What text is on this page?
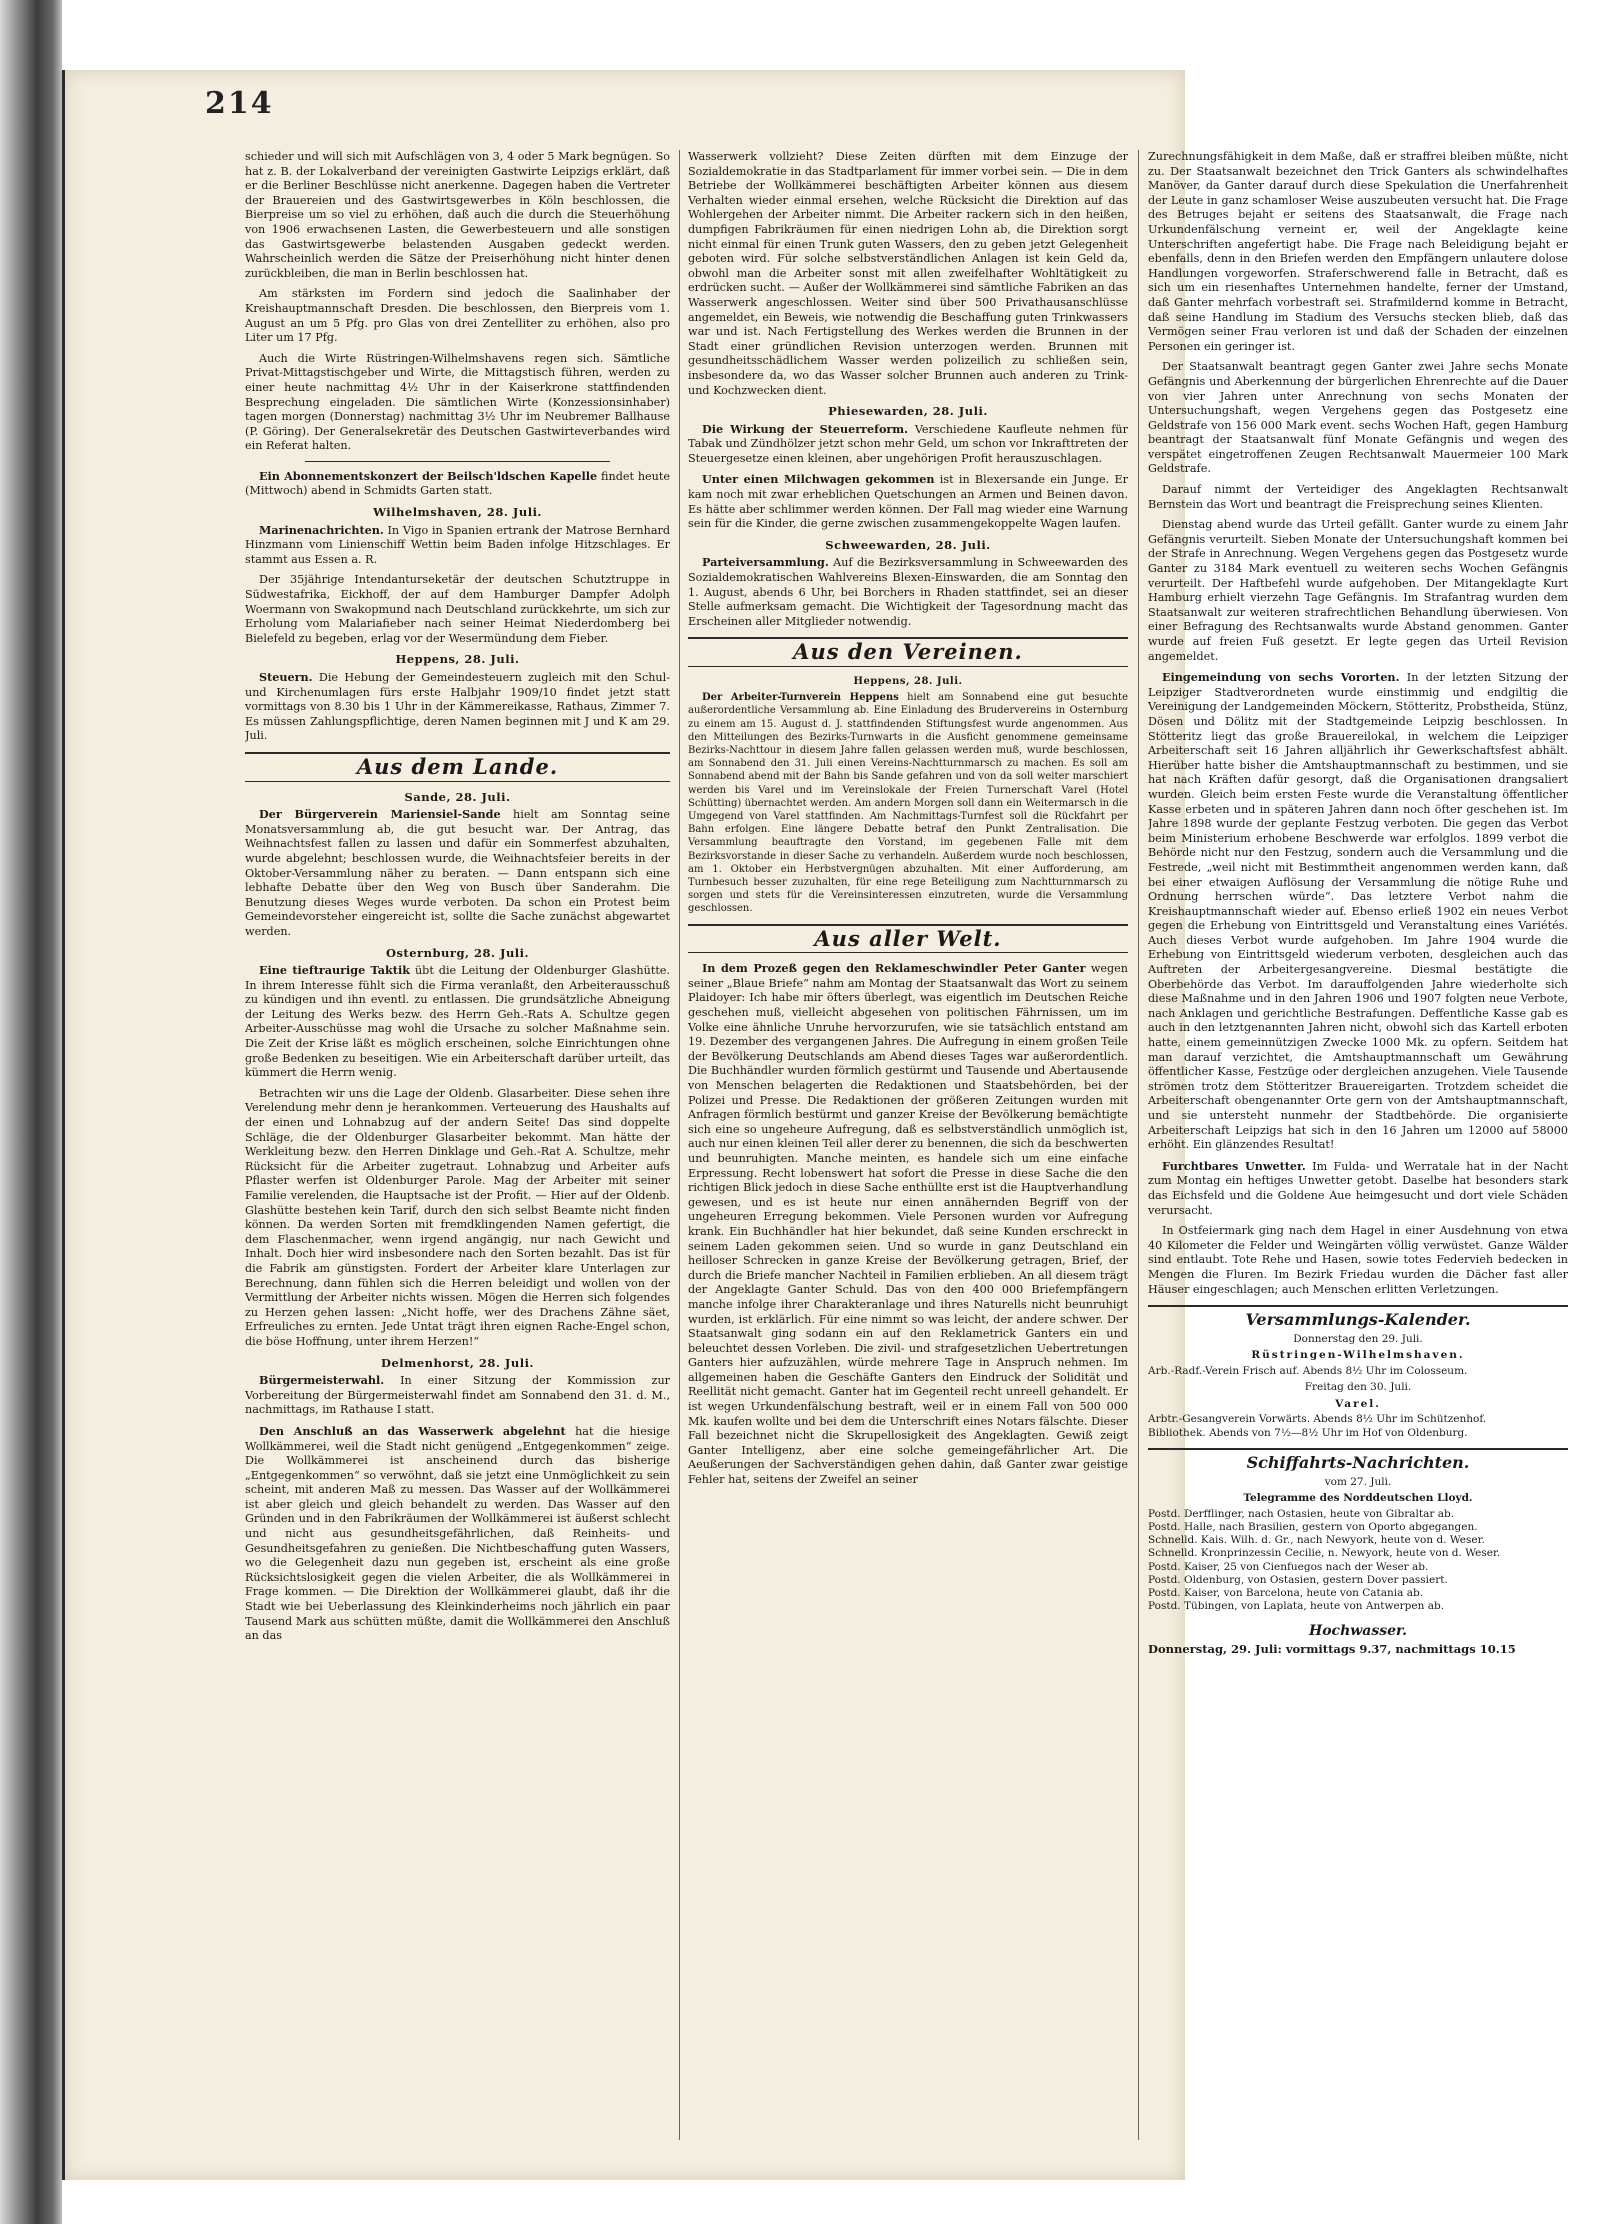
214

schieder und will sich mit Aufschlägen von 3, 4 oder 5 Mark begnügen. So hat z. B. der Lokalverband der vereinigten Gastwirte Leipzigs erklärt, daß er die Berliner Beschlüsse nicht anerkenne. Dagegen haben die Vertreter der Brauereien und des Gastwirtsgewerbes in Köln beschlossen, die Bierpreise um so viel zu erhöhen, daß auch die durch die Steuerhöhung von 1906 erwachsenen Lasten, die Gewerbesteuern und alle sonstigen das Gastwirtsgewerbe belastenden Ausgaben gedeckt werden. Wahrscheinlich werden die Sätze der Preiserhöhung nicht hinter denen zurückbleiben, die man in Berlin beschlossen hat.

Am stärksten im Fordern sind jedoch die Saalinhaber der Kreishauptmannschaft Dresden. Die beschlossen, den Bierpreis vom 1. August an um 5 Pfg. pro Glas von drei Zentelliter zu erhöhen, also pro Liter um 17 Pfg.

Auch die Wirte Rüstringen-Wilhelmshavens regen sich. Sämtliche Privat-Mittagstischgeber und Wirte, die Mittagstisch führen, werden zu einer heute nachmittag 4½ Uhr in der Kaiserkrone stattfindenden Besprechung eingeladen. Die sämtlichen Wirte (Konzessionsinhaber) tagen morgen (Donnerstag) nachmittag 3½ Uhr im Neubremer Ballhause (P. Göring). Der Generalsekretär des Deutschen Gastwirteverbandes wird ein Referat halten.

Ein Abonnementskonzert der Beilsch'ldschen Kapelle findet heute (Mittwoch) abend in Schmidts Garten statt.

Wilhelmshaven, 28. Juli.

Marinenachrichten. In Vigo in Spanien ertrank der Matrose Bernhard Hinzmann vom Linienschiff Wettin beim Baden infolge Hitzschlages. Er stammt aus Essen a. R.

Der 35jährige Intendanturseketär der deutschen Schutztruppe in Südwestafrika, Eickhoff, der auf dem Hamburger Dampfer Adolph Woermann von Swakopmund nach Deutschland zurückkehrte, um sich zur Erholung vom Malariafieber nach seiner Heimat Niederdomberg bei Bielefeld zu begeben, erlag vor der Wesermündung dem Fieber.

Heppens, 28. Juli.

Steuern. Die Hebung der Gemeindesteuern zugleich mit den Schul- und Kirchenumlagen fürs erste Halbjahr 1909/10 findet jetzt statt vormittags von 8.30 bis 1 Uhr in der Kämmereikasse, Rathaus, Zimmer 7. Es müssen Zahlungspflichtige, deren Namen beginnen mit J und K am 29. Juli.

Aus dem Lande.
Sande, 28. Juli.

Der Bürgerverein Mariensiel-Sande hielt am Sonntag seine Monatsversammlung ab, die gut besucht war. Der Antrag, das Weihnachtsfest fallen zu lassen und dafür ein Sommerfest abzuhalten, wurde abgelehnt; beschlossen wurde, die Weihnachtsfeier bereits in der Oktober-Versammlung näher zu beraten. — Dann entspann sich eine lebhafte Debatte über den Weg von Busch über Sanderahm. Die Benutzung dieses Weges wurde verboten. Da schon ein Protest beim Gemeindevorsteher eingereicht ist, sollte die Sache zunächst abgewartet werden.

Osternburg, 28. Juli.

Eine tieftraurige Taktik übt die Leitung der Oldenburger Glashütte. In ihrem Interesse fühlt sich die Firma veranlaßt, den Arbeiterausschuß zu kündigen und ihn eventl. zu entlassen. Die grundsätzliche Abneigung der Leitung des Werks bezw. des Herrn Geh.-Rats A. Schultze gegen Arbeiter-Ausschüsse mag wohl die Ursache zu solcher Maßnahme sein. Die Zeit der Krise läßt es möglich erscheinen, solche Einrichtungen ohne große Bedenken zu beseitigen. Wie ein Arbeiterschaft darüber urteilt, das kümmert die Herrn wenig.

Betrachten wir uns die Lage der Oldenb. Glasarbeiter. Diese sehen ihre Verelendung mehr denn je herankommen. Verteuerung des Haushalts auf der einen und Lohnabzug auf der andern Seite! Das sind doppelte Schläge, die der Oldenburger Glasarbeiter bekommt. Man hätte der Werkleitung bezw. den Herren Dinklage und Geh.-Rat A. Schultze, mehr Rücksicht für die Arbeiter zugetraut. Lohnabzug und Arbeiter aufs Pflaster werfen ist Oldenburger Parole. Mag der Arbeiter mit seiner Familie verelenden, die Hauptsache ist der Profit. — Hier auf der Oldenb. Glashütte bestehen kein Tarif, durch den sich selbst Beamte nicht finden können. Da werden Sorten mit fremdklingenden Namen gefertigt, die dem Flaschenmacher, wenn irgend angängig, nur nach Gewicht und Inhalt. Doch hier wird insbesondere nach den Sorten bezahlt. Das ist für die Fabrik am günstigsten. Fordert der Arbeiter klare Unterlagen zur Berechnung, dann fühlen sich die Herren beleidigt und wollen von der Vermittlung der Arbeiter nichts wissen. Mögen die Herren sich folgendes zu Herzen gehen lassen: „Nicht hoffe, wer des Drachens Zähne säet, Erfreuliches zu ernten. Jede Untat trägt ihren eignen Rache-Engel schon, die böse Hoffnung, unter ihrem Herzen!“

Delmenhorst, 28. Juli.

Bürgermeisterwahl. In einer Sitzung der Kommission zur Vorbereitung der Bürgermeisterwahl findet am Sonnabend den 31. d. M., nachmittags, im Rathause I statt.

Den Anschluß an das Wasserwerk abgelehnt hat die hiesige Wollkämmerei, weil die Stadt nicht genügend „Entgegenkommen“ zeige. Die Wollkämmerei ist anscheinend durch das bisherige „Entgegenkommen“ so verwöhnt, daß sie jetzt eine Unmöglichkeit zu sein scheint, mit anderen Maß zu messen. Das Wasser auf der Wollkämmerei ist aber gleich und gleich behandelt zu werden. Das Wasser auf den Gründen und in den Fabrikräumen der Wollkämmerei ist äußerst schlecht und nicht aus gesundheitsgefährlichen, daß Reinheits- und Gesundheitsgefahren zu genießen. Die Nichtbeschaffung guten Wassers, wo die Gelegenheit dazu nun gegeben ist, erscheint als eine große Rücksichtslosigkeit gegen die vielen Arbeiter, die als Wollkämmerei in Frage kommen. — Die Direktion der Wollkämmerei glaubt, daß ihr die Stadt wie bei Ueberlassung des Kleinkinderheims noch jährlich ein paar Tausend Mark aus schütten müßte, damit die Wollkämmerei den Anschluß an das

Wasserwerk vollzieht? Diese Zeiten dürften mit dem Einzuge der Sozialdemokratie in das Stadtparlament für immer vorbei sein. — Die in dem Betriebe der Wollkämmerei beschäftigten Arbeiter können aus diesem Verhalten wieder einmal ersehen, welche Rücksicht die Direktion auf das Wohlergehen der Arbeiter nimmt. Die Arbeiter rackern sich in den heißen, dumpfigen Fabrikräumen für einen niedrigen Lohn ab, die Direktion sorgt nicht einmal für einen Trunk guten Wassers, den zu geben jetzt Gelegenheit geboten wird. Für solche selbstverständlichen Anlagen ist kein Geld da, obwohl man die Arbeiter sonst mit allen zweifelhafter Wohltätigkeit zu erdrücken sucht. — Außer der Wollkämmerei sind sämtliche Fabriken an das Wasserwerk angeschlossen. Weiter sind über 500 Privathausanschlüsse angemeldet, ein Beweis, wie notwendig die Beschaffung guten Trinkwassers war und ist. Nach Fertigstellung des Werkes werden die Brunnen in der Stadt einer gründlichen Revision unterzogen werden. Brunnen mit gesundheitsschädlichem Wasser werden polizeilich zu schließen sein, insbesondere da, wo das Wasser solcher Brunnen auch anderen zu Trink- und Kochzwecken dient.

Phiesewarden, 28. Juli.

Die Wirkung der Steuerreform. Verschiedene Kaufleute nehmen für Tabak und Zündhölzer jetzt schon mehr Geld, um schon vor Inkrafttreten der Steuergesetze einen kleinen, aber ungehörigen Profit herauszuschlagen.

Unter einen Milchwagen gekommen ist in Blexersande ein Junge. Er kam noch mit zwar erheblichen Quetschungen an Armen und Beinen davon. Es hätte aber schlimmer werden können. Der Fall mag wieder eine Warnung sein für die Kinder, die gerne zwischen zusammengekoppelte Wagen laufen.

Schweewarden, 28. Juli.

Parteiversammlung. Auf die Bezirksversammlung in Schweewarden des Sozialdemokratischen Wahlvereins Blexen-Einswarden, die am Sonntag den 1. August, abends 6 Uhr, bei Borchers in Rhaden stattfindet, sei an dieser Stelle aufmerksam gemacht. Die Wichtigkeit der Tagesordnung macht das Erscheinen aller Mitglieder notwendig.

Aus den Vereinen.
Heppens, 28. Juli.

Der Arbeiter-Turnverein Heppens hielt am Sonnabend eine gut besuchte außerordentliche Versammlung ab. Eine Einladung des Brudervereins in Osternburg zu einem am 15. August d. J. stattfindenden Stiftungsfest wurde angenommen. Aus den Mitteilungen des Bezirks-Turnwarts in die Ausficht genommene gemeinsame Bezirks-Nachttour in diesem Jahre fallen gelassen werden muß, wurde beschlossen, am Sonnabend den 31. Juli einen Vereins-Nachtturnmarsch zu machen. Es soll am Sonnabend abend mit der Bahn bis Sande gefahren und von da soll weiter marschiert werden bis Varel und im Vereinslokale der Freien Turnerschaft Varel (Hotel Schütting) übernachtet werden. Am andern Morgen soll dann ein Weitermarsch in die Umgegend von Varel stattfinden. Am Nachmittags-Turnfest soll die Rückfahrt per Bahn erfolgen. Eine längere Debatte betraf den Punkt Zentralisation. Die Versammlung beauftragte den Vorstand, im gegebenen Falle mit dem Bezirksvorstande in dieser Sache zu verhandeln. Außerdem wurde noch beschlossen, am 1. Oktober ein Herbstvergnügen abzuhalten. Mit einer Aufforderung, am Turnbesuch besser zuzuhalten, für eine rege Beteiligung zum Nachtturnmarsch zu sorgen und stets für die Vereinsinteressen einzutreten, wurde die Versammlung geschlossen.

Aus aller Welt.

In dem Prozeß gegen den Reklameschwindler Peter Ganter wegen seiner „Blaue Briefe“ nahm am Montag der Staatsanwalt das Wort zu seinem Plaidoyer: Ich habe mir öfters überlegt, was eigentlich im Deutschen Reiche geschehen muß, vielleicht abgesehen von politischen Fährnissen, um im Volke eine ähnliche Unruhe hervorzurufen, wie sie tatsächlich entstand am 19. Dezember des vergangenen Jahres. Die Aufregung in einem großen Teile der Bevölkerung Deutschlands am Abend dieses Tages war außerordentlich. Die Buchhändler wurden förmlich gestürmt und Tausende und Abertausende von Menschen belagerten die Redaktionen und Staatsbehörden, bei der Polizei und Presse. Die Redaktionen der größeren Zeitungen wurden mit Anfragen förmlich bestürmt und ganzer Kreise der Bevölkerung bemächtigte sich eine so ungeheure Aufregung, daß es selbstverständlich unmöglich ist, auch nur einen kleinen Teil aller derer zu benennen, die sich da beschwerten und beunruhigten. Manche meinten, es handele sich um eine einfache Erpressung. Recht lobenswert hat sofort die Presse in diese Sache die den richtigen Blick jedoch in diese Sache enthüllte erst ist die Hauptverhandlung gewesen, und es ist heute nur einen annähernden Begriff von der ungeheuren Erregung bekommen. Viele Personen wurden vor Aufregung krank. Ein Buchhändler hat hier bekundet, daß seine Kunden erschreckt in seinem Laden gekommen seien. Und so wurde in ganz Deutschland ein heilloser Schrecken in ganze Kreise der Bevölkerung getragen, Brief, der durch die Briefe mancher Nachteil in Familien erblieben. An all diesem trägt der Angeklagte Ganter Schuld. Das von den 400 000 Briefempfängern manche infolge ihrer Charakteranlage und ihres Naturells nicht beunruhigt wurden, ist erklärlich. Für eine nimmt so was leicht, der andere schwer. Der Staatsanwalt ging sodann ein auf den Reklametrick Ganters ein und beleuchtet dessen Vorleben. Die zivil- und strafgesetzlichen Uebertretungen Ganters hier aufzuzählen, würde mehrere Tage in Anspruch nehmen. Im allgemeinen haben die Geschäfte Ganters den Eindruck der Solidität und Reellität nicht gemacht. Ganter hat im Gegenteil recht unreell gehandelt. Er ist wegen Urkundenfälschung bestraft, weil er in einem Fall von 500 000 Mk. kaufen wollte und bei dem die Unterschrift eines Notars fälschte. Dieser Fall bezeichnet nicht die Skrupellosigkeit des Angeklagten. Gewiß zeigt Ganter Intelligenz, aber eine solche gemeingefährlicher Art. Die Aeußerungen der Sachverständigen gehen dahin, daß Ganter zwar geistige Fehler hat, seitens der Zweifel an seiner

Zurechnungsfähigkeit in dem Maße, daß er straffrei bleiben müßte, nicht zu. Der Staatsanwalt bezeichnet den Trick Ganters als schwindelhaftes Manöver, da Ganter darauf durch diese Spekulation die Unerfahrenheit der Leute in ganz schamloser Weise auszubeuten versucht hat. Die Frage des Betruges bejaht er seitens des Staatsanwalt, die Frage nach Urkundenfälschung verneint er, weil der Angeklagte keine Unterschriften angefertigt habe. Die Frage nach Beleidigung bejaht er ebenfalls, denn in den Briefen werden den Empfängern unlautere dolose Handlungen vorgeworfen. Straferschwerend falle in Betracht, daß es sich um ein riesenhaftes Unternehmen handelte, ferner der Umstand, daß Ganter mehrfach vorbestraft sei. Strafmildernd komme in Betracht, daß seine Handlung im Stadium des Versuchs stecken blieb, daß das Vermögen seiner Frau verloren ist und daß der Schaden der einzelnen Personen ein geringer ist.

Der Staatsanwalt beantragt gegen Ganter zwei Jahre sechs Monate Gefängnis und Aberkennung der bürgerlichen Ehrenrechte auf die Dauer von vier Jahren unter Anrechnung von sechs Monaten der Untersuchungshaft, wegen Vergehens gegen das Postgesetz eine Geldstrafe von 156 000 Mark event. sechs Wochen Haft, gegen Hamburg beantragt der Staatsanwalt fünf Monate Gefängnis und wegen des verspätet eingetroffenen Zeugen Rechtsanwalt Mauermeier 100 Mark Geldstrafe.

Darauf nimmt der Verteidiger des Angeklagten Rechtsanwalt Bernstein das Wort und beantragt die Freisprechung seines Klienten.

Dienstag abend wurde das Urteil gefällt. Ganter wurde zu einem Jahr Gefängnis verurteilt. Sieben Monate der Untersuchungshaft kommen bei der Strafe in Anrechnung. Wegen Vergehens gegen das Postgesetz wurde Ganter zu 3184 Mark eventuell zu weiteren sechs Wochen Gefängnis verurteilt. Der Haftbefehl wurde aufgehoben. Der Mitangeklagte Kurt Hamburg erhielt vierzehn Tage Gefängnis. Im Strafantrag wurden dem Staatsanwalt zur weiteren strafrechtlichen Behandlung überwiesen. Von einer Befragung des Rechtsanwalts wurde Abstand genommen. Ganter wurde auf freien Fuß gesetzt. Er legte gegen das Urteil Revision angemeldet.

Eingemeindung von sechs Vororten. In der letzten Sitzung der Leipziger Stadtverordneten wurde einstimmig und endgiltig die Vereinigung der Landgemeinden Möckern, Stötteritz, Probstheida, Stünz, Dösen und Dölitz mit der Stadtgemeinde Leipzig beschlossen. In Stötteritz liegt das große Brauereilokal, in welchem die Leipziger Arbeiterschaft seit 16 Jahren alljährlich ihr Gewerkschaftsfest abhält. Hierüber hatte bisher die Amtshauptmannschaft zu bestimmen, und sie hat nach Kräften dafür gesorgt, daß die Organisationen drangsaliert wurden. Gleich beim ersten Feste wurde die Veranstaltung öffentlicher Kasse erbeten und in späteren Jahren dann noch öfter geschehen ist. Im Jahre 1898 wurde der geplante Festzug verboten. Die gegen das Verbot beim Ministerium erhobene Beschwerde war erfolglos. 1899 verbot die Behörde nicht nur den Festzug, sondern auch die Versammlung und die Festrede, „weil nicht mit Bestimmtheit angenommen werden kann, daß bei einer etwaigen Auflösung der Versammlung die nötige Ruhe und Ordnung herrschen würde“. Das letztere Verbot nahm die Kreishauptmannschaft wieder auf. Ebenso erließ 1902 ein neues Verbot gegen die Erhebung von Eintrittsgeld und Veranstaltung eines Variétés. Auch dieses Verbot wurde aufgehoben. Im Jahre 1904 wurde die Erhebung von Eintrittsgeld wiederum verboten, desgleichen auch das Auftreten der Arbeitergesangvereine. Diesmal bestätigte die Oberbehörde das Verbot. Im darauffolgenden Jahre wiederholte sich diese Maßnahme und in den Jahren 1906 und 1907 folgten neue Verbote, nach Anklagen und gerichtliche Bestrafungen. Deffentliche Kasse gab es auch in den letztgenannten Jahren nicht, obwohl sich das Kartell erboten hatte, einem gemeinnützigen Zwecke 1000 Mk. zu opfern. Seitdem hat man darauf verzichtet, die Amtshauptmannschaft um Gewährung öffentlicher Kasse, Festzüge oder dergleichen anzugehen. Viele Tausende strömen trotz dem Stötteritzer Brauereigarten. Trotzdem scheidet die Arbeiterschaft obengenannter Orte gern von der Amtshauptmannschaft, und sie untersteht nunmehr der Stadtbehörde. Die organisierte Arbeiterschaft Leipzigs hat sich in den 16 Jahren um 12000 auf 58000 erhöht. Ein glänzendes Resultat!

Furchtbares Unwetter. Im Fulda- und Werratale hat in der Nacht zum Montag ein heftiges Unwetter getobt. Daselbe hat besonders stark das Eichsfeld und die Goldene Aue heimgesucht und dort viele Schäden verursacht.

In Ostfeiermark ging nach dem Hagel in einer Ausdehnung von etwa 40 Kilometer die Felder und Weingärten völlig verwüstet. Ganze Wälder sind entlaubt. Tote Rehe und Hasen, sowie totes Federvieh bedecken in Mengen die Fluren. Im Bezirk Friedau wurden die Dächer fast aller Häuser eingeschlagen; auch Menschen erlitten Verletzungen.

Versammlungs-Kalender.
Donnerstag den 29. Juli.
Rüstringen-Wilhelmshaven.

Arb.-Radf.-Verein Frisch auf. Abends 8½ Uhr im Colosseum.

Freitag den 30. Juli.
Varel.

Arbtr.-Gesangverein Vorwärts. Abends 8½ Uhr im Schützenhof.

Bibliothek. Abends von 7½—8½ Uhr im Hof von Oldenburg.

Schiffahrts-Nachrichten.
vom 27. Juli.
Telegramme des Norddeutschen Lloyd.

Postd. Derfflinger, nach Ostasien, heute von Gibraltar ab.

Postd. Halle, nach Brasilien, gestern von Oporto abgegangen.

Schnelld. Kais. Wilh. d. Gr., nach Newyork, heute von d. Weser.

Schnelld. Kronprinzessin Cecilie, n. Newyork, heute von d. Weser.

Postd. Kaiser, 25 von Cienfuegos nach der Weser ab.

Postd. Oldenburg, von Ostasien, gestern Dover passiert.

Postd. Kaiser, von Barcelona, heute von Catania ab.

Postd. Tübingen, von Laplata, heute von Antwerpen ab.

Hochwasser.

Donnerstag, 29. Juli: vormittags 9.37, nachmittags 10.15
